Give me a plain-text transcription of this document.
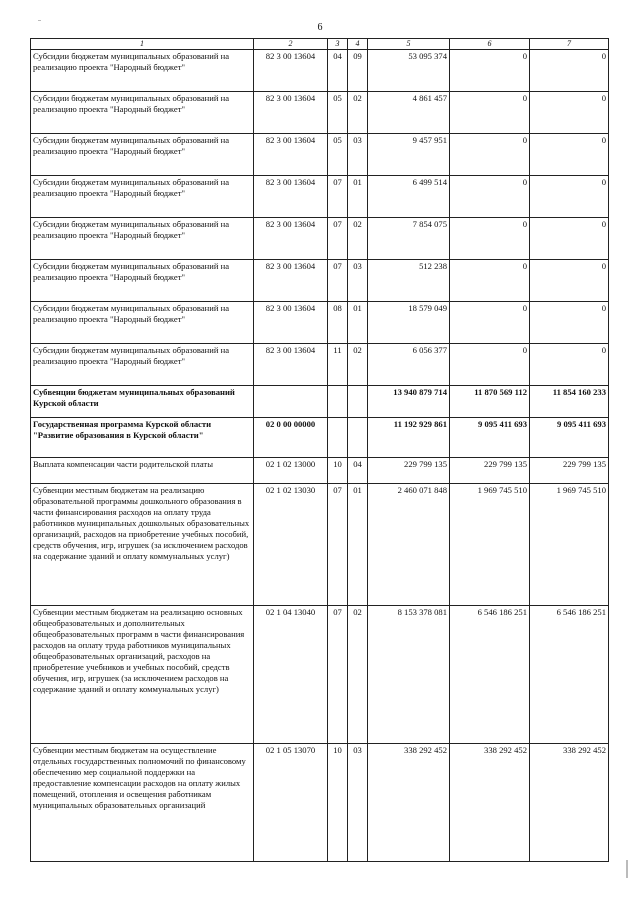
6
1	2	3	4	5	6	7
Субсидии бюджетам муниципальных образований на реализацию проекта "Народный бюджет"	82 3 00 13604	04	09	53 095 374	0	0
Субсидии бюджетам муниципальных образований на реализацию проекта "Народный бюджет"	82 3 00 13604	05	02	4 861 457	0	0
Субсидии бюджетам муниципальных образований на реализацию проекта "Народный бюджет"	82 3 00 13604	05	03	9 457 951	0	0
Субсидии бюджетам муниципальных образований на реализацию проекта "Народный бюджет"	82 3 00 13604	07	01	6 499 514	0	0
Субсидии бюджетам муниципальных образований на реализацию проекта "Народный бюджет"	82 3 00 13604	07	02	7 854 075	0	0
Субсидии бюджетам муниципальных образований на реализацию проекта "Народный бюджет"	82 3 00 13604	07	03	512 238	0	0
Субсидии бюджетам муниципальных образований на реализацию проекта "Народный бюджет"	82 3 00 13604	08	01	18 579 049	0	0
Субсидии бюджетам муниципальных образований на реализацию проекта "Народный бюджет"	82 3 00 13604	11	02	6 056 377	0	0
Субвенции бюджетам муниципальных образований Курской области				13 940 879 714	11 870 569 112	11 854 160 233
Государственная программа Курской области "Развитие образования в Курской области"	02 0 00 00000			11 192 929 861	9 095 411 693	9 095 411 693
Выплата компенсации части родительской платы	02 1 02 13000	10	04	229 799 135	229 799 135	229 799 135
Субвенции местным бюджетам на реализацию образовательной программы дошкольного образования в части финансирования расходов на оплату труда работников муниципальных дошкольных образовательных организаций, расходов на приобретение учебных пособий, средств обучения, игр, игрушек (за исключением расходов на содержание зданий и оплату коммунальных услуг)	02 1 02 13030	07	01	2 460 071 848	1 969 745 510	1 969 745 510
Субвенции местным бюджетам на реализацию основных общеобразовательных и дополнительных общеобразовательных программ в части финансирования расходов на оплату труда работников муниципальных общеобразовательных организаций, расходов на приобретение учебников и учебных пособий, средств обучения, игр, игрушек (за исключением расходов на содержание зданий и оплату коммунальных услуг)	02 1 04 13040	07	02	8 153 378 081	6 546 186 251	6 546 186 251
Субвенции местным бюджетам на осуществление отдельных государственных полномочий по финансовому обеспечению мер социальной поддержки на предоставление компенсации расходов на оплату жилых помещений, отопления и освещения работникам муниципальных образовательных организаций	02 1 05 13070	10	03	338 292 452	338 292 452	338 292 452
